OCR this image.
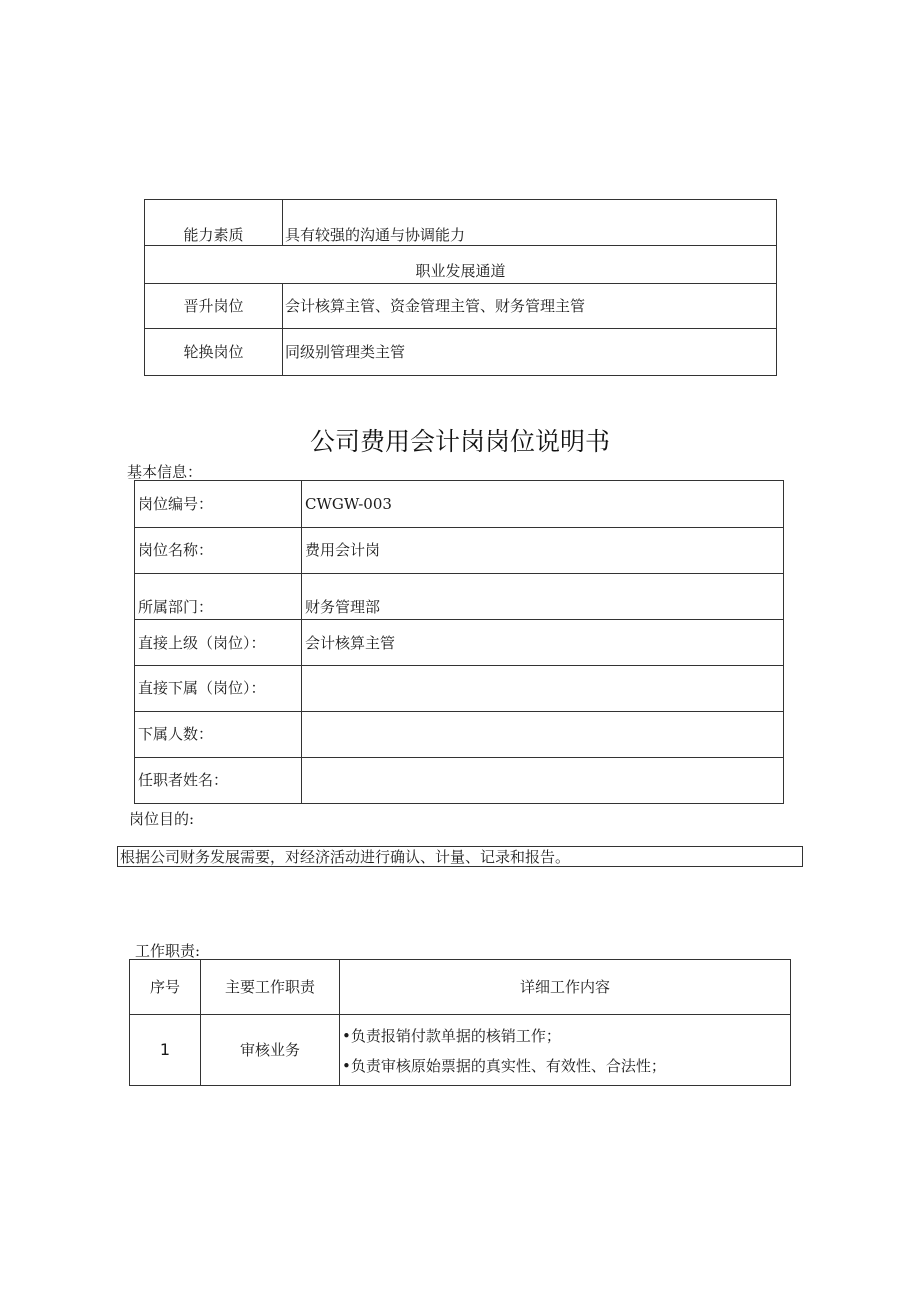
能力素质	具有较强的沟通与协调能力
职业发展通道	
晋升岗位	会计核算主管、资金管理主管、财务管理主管
轮换岗位	同级别管理类主管
公司费用会计岗岗位说明书
基本信息：
岗位编号：	CWGW-003
岗位名称：	费用会计岗
所属部门：	财务管理部
直接上级（岗位）：	会计核算主管
直接下属（岗位）：	
下属人数：	
任职者姓名：	
岗位目的:
根据公司财务发展需要，对经济活动进行确认、计量、记录和报告。
工作职责:
序号	主要工作职责	详细工作内容
1	审核业务	•负责报销付款单据的核销工作；
•负责审核原始票据的真实性、有效性、合法性；
